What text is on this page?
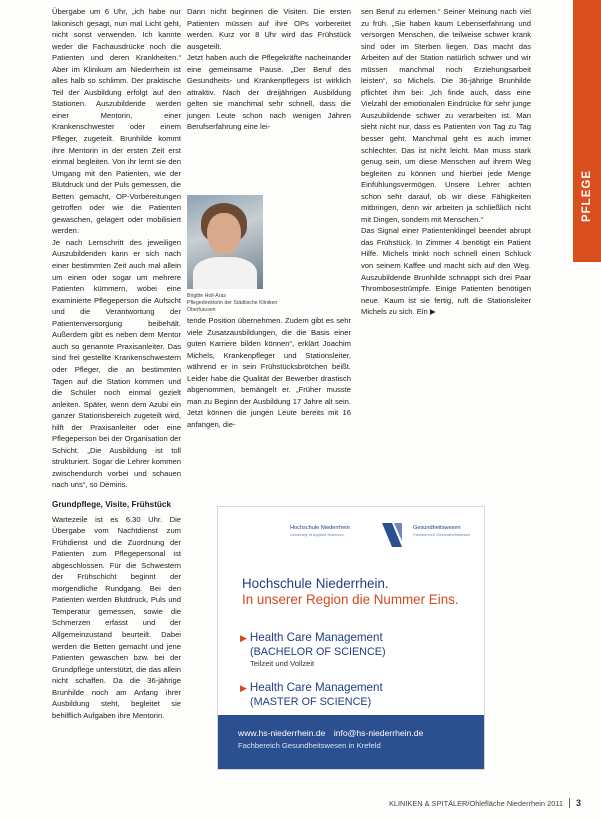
PFLEGE

Übergabe um 6 Uhr, „ich habe nur lakonisch gesagt, nun mal Licht geht, nicht sonst verwenden. Ich kannte weder die Fachausdrücke noch die Patienten und deren Krankheiten.“ Aber im Klinikum am Niederrhein ist alles halb so schlimm. Der praktische Teil der Ausbildung erfolgt auf den Stationen. Auszubildende werden einer Mentorin, einer Krankenschwester oder einem Pfleger, zugeteilt. Brunhilde kommt ihre Mentorin in der ersten Zeit erst einmal begleiten. Von ihr lernt sie den Umgang mit den Patienten, wie der Blutdruck und der Puls gemessen, die Betten gemacht, OP-Vorbereitungen getroffen oder wie die Patienten gewaschen, gelagert oder mobilisiert werden.

Je nach Lernschritt des jeweiligen Auszubildenden kann er sich nach einer bestimmten Zeit auch mal allein um einen oder sogar um mehrere Patienten kümmern, wobei eine examinierte Pflegeperson die Aufsicht und die Verantwortung der Patientenversorgung beibehält. Außerdem gibt es neben dem Mentor auch so genannte Praxisanleiter. Das sind frei gestellte Krankenschwestern oder Pfleger, die an bestimmten Tagen auf die Station kommen und die Schüler noch einmal gezielt anleiten. Später, wenn dem Azubi ein ganzer Stationsbereich zugeteilt wird, hilft der Praxisanleiter oder eine Pflegeperson bei der Organisation der Schicht. „Die Ausbildung ist toll strukturiert. Sogar die Lehrer kommen zwischendurch vorbei und schauen nach uns“, so Demiris.

Grundpflege, Visite, Frühstück

Wartezeile ist es 6.30 Uhr. Die Übergabe vom Nachtdienst zum Frühdienst und die Zuordnung der Patienten zum Pflegepersonal ist abgeschlossen. Für die Schwestern der Frühschicht beginnt der morgendliche Rundgang. Bei den Patienten werden Blutdruck, Puls und Temperatur gemessen, sowie die Schmerzen erfasst und der Allgemeinzustand beurteilt. Dabei werden die Betten gemacht und jene Patienten gewaschen bzw. bei der Grundpflege unterstützt, die das allein nicht schaffen. Da die 36-jährige Brunhilde noch am Anfang ihrer Ausbildung steht, begleitet sie behilflich Aufgaben ihre Mentorin.

Dann nicht beginnen die Visiten. Die ersten Patienten müssen auf ihre OPs vorbereitet werden. Kurz vor 8 Uhr wird das Frühstück ausgeteilt.

Jetzt haben auch die Pflegekräfte nacheinander eine gemeinsame Pause. „Der Beruf des Gesundheits- und Krankenpflegers ist wirklich attraktiv. Nach der dreijährigen Ausbildung gelten sie manchmal sehr schnell, dass die jungen Leute schon nach wenigen Jahren Berufserfahrung eine lei-

Brigitte Holl-Aras
Pflegedirektorin der Städtische Kliniken Oberhausen

tende Position übernehmen. Zudem gibt es sehr viele Zusatzausbildungen, die die Basis einer guten Karriere bilden können“, erklärt Joachim Michels, Krankenpfleger und Stationsleiter, während er in sein Frühstücksbrötchen beißt. Leider habe die Qualität der Bewerber drastisch abgenommen, bemängelt er. „Früher musste man zu Beginn der Ausbildung 17 Jahre alt sein. Jetzt können die jungen Leute bereits mit 16 anfangen, die-

sen Beruf zu erlernen.“ Seiner Meinung nach viel zu früh. „Sie haben kaum Lebenserfahrung und versorgen Menschen, die teilweise schwer krank sind oder im Sterben liegen. Das macht das Arbeiten auf der Station natürlich schwer und wir müssen manchmal noch Erziehungsarbeit leisten“, so Michels. Die 36-jährige Brunhilde pflichtet ihm bei: „Ich finde auch, dass eine Vielzahl der emotionalen Eindrücke für sehr junge Auszubildende schwer zu verarbeiten ist. Man sieht nicht nur, dass es Patienten von Tag zu Tag besser geht. Manchmal geht es auch immer schlechter. Das ist nicht leicht. Man muss stark genug sein, um diese Menschen auf ihrem Weg begleiten zu können und hierbei jede Menge Einfühlungsvermögen. Unsere Lehrer achten schon sehr darauf, ob wir diese Fähigkeiten mitbringen, denn wir arbeiten ja schließlich nicht mit Dingen, sondern mit Menschen.“

Das Signal einer Patientenklingel beendet abrupt das Frühstück. In Zimmer 4 benötigt ein Patient Hilfe. Michels trinkt noch schnell einen Schluck von seinem Kaffee und macht sich auf den Weg. Auszubildende Brunhilde schnappt sich drei Paar Thrombosestrümpfe. Einige Patienten benötigen neue. Kaum ist sie fertig, ruft die Stationsleiter Michels zu sich. Ein ▶

Hochschule Niederrhein
University of Applied Sciences
Gesundheitswesen
Fachbereich Gesundheitswesen
Hochschule Niederrhein.
In unserer Region die Nummer Eins.
▶ Health Care Management
(BACHELOR OF SCIENCE)
Teilzeit und Vollzeit
▶ Health Care Management
(MASTER OF SCIENCE)
www.hs-niederrhein.de info@hs-niederrhein.de
Fachbereich Gesundheitswesen in Krefeld
KLINIKEN & SPITÄLER/Ohlefläche Niederrhein 2011 3
